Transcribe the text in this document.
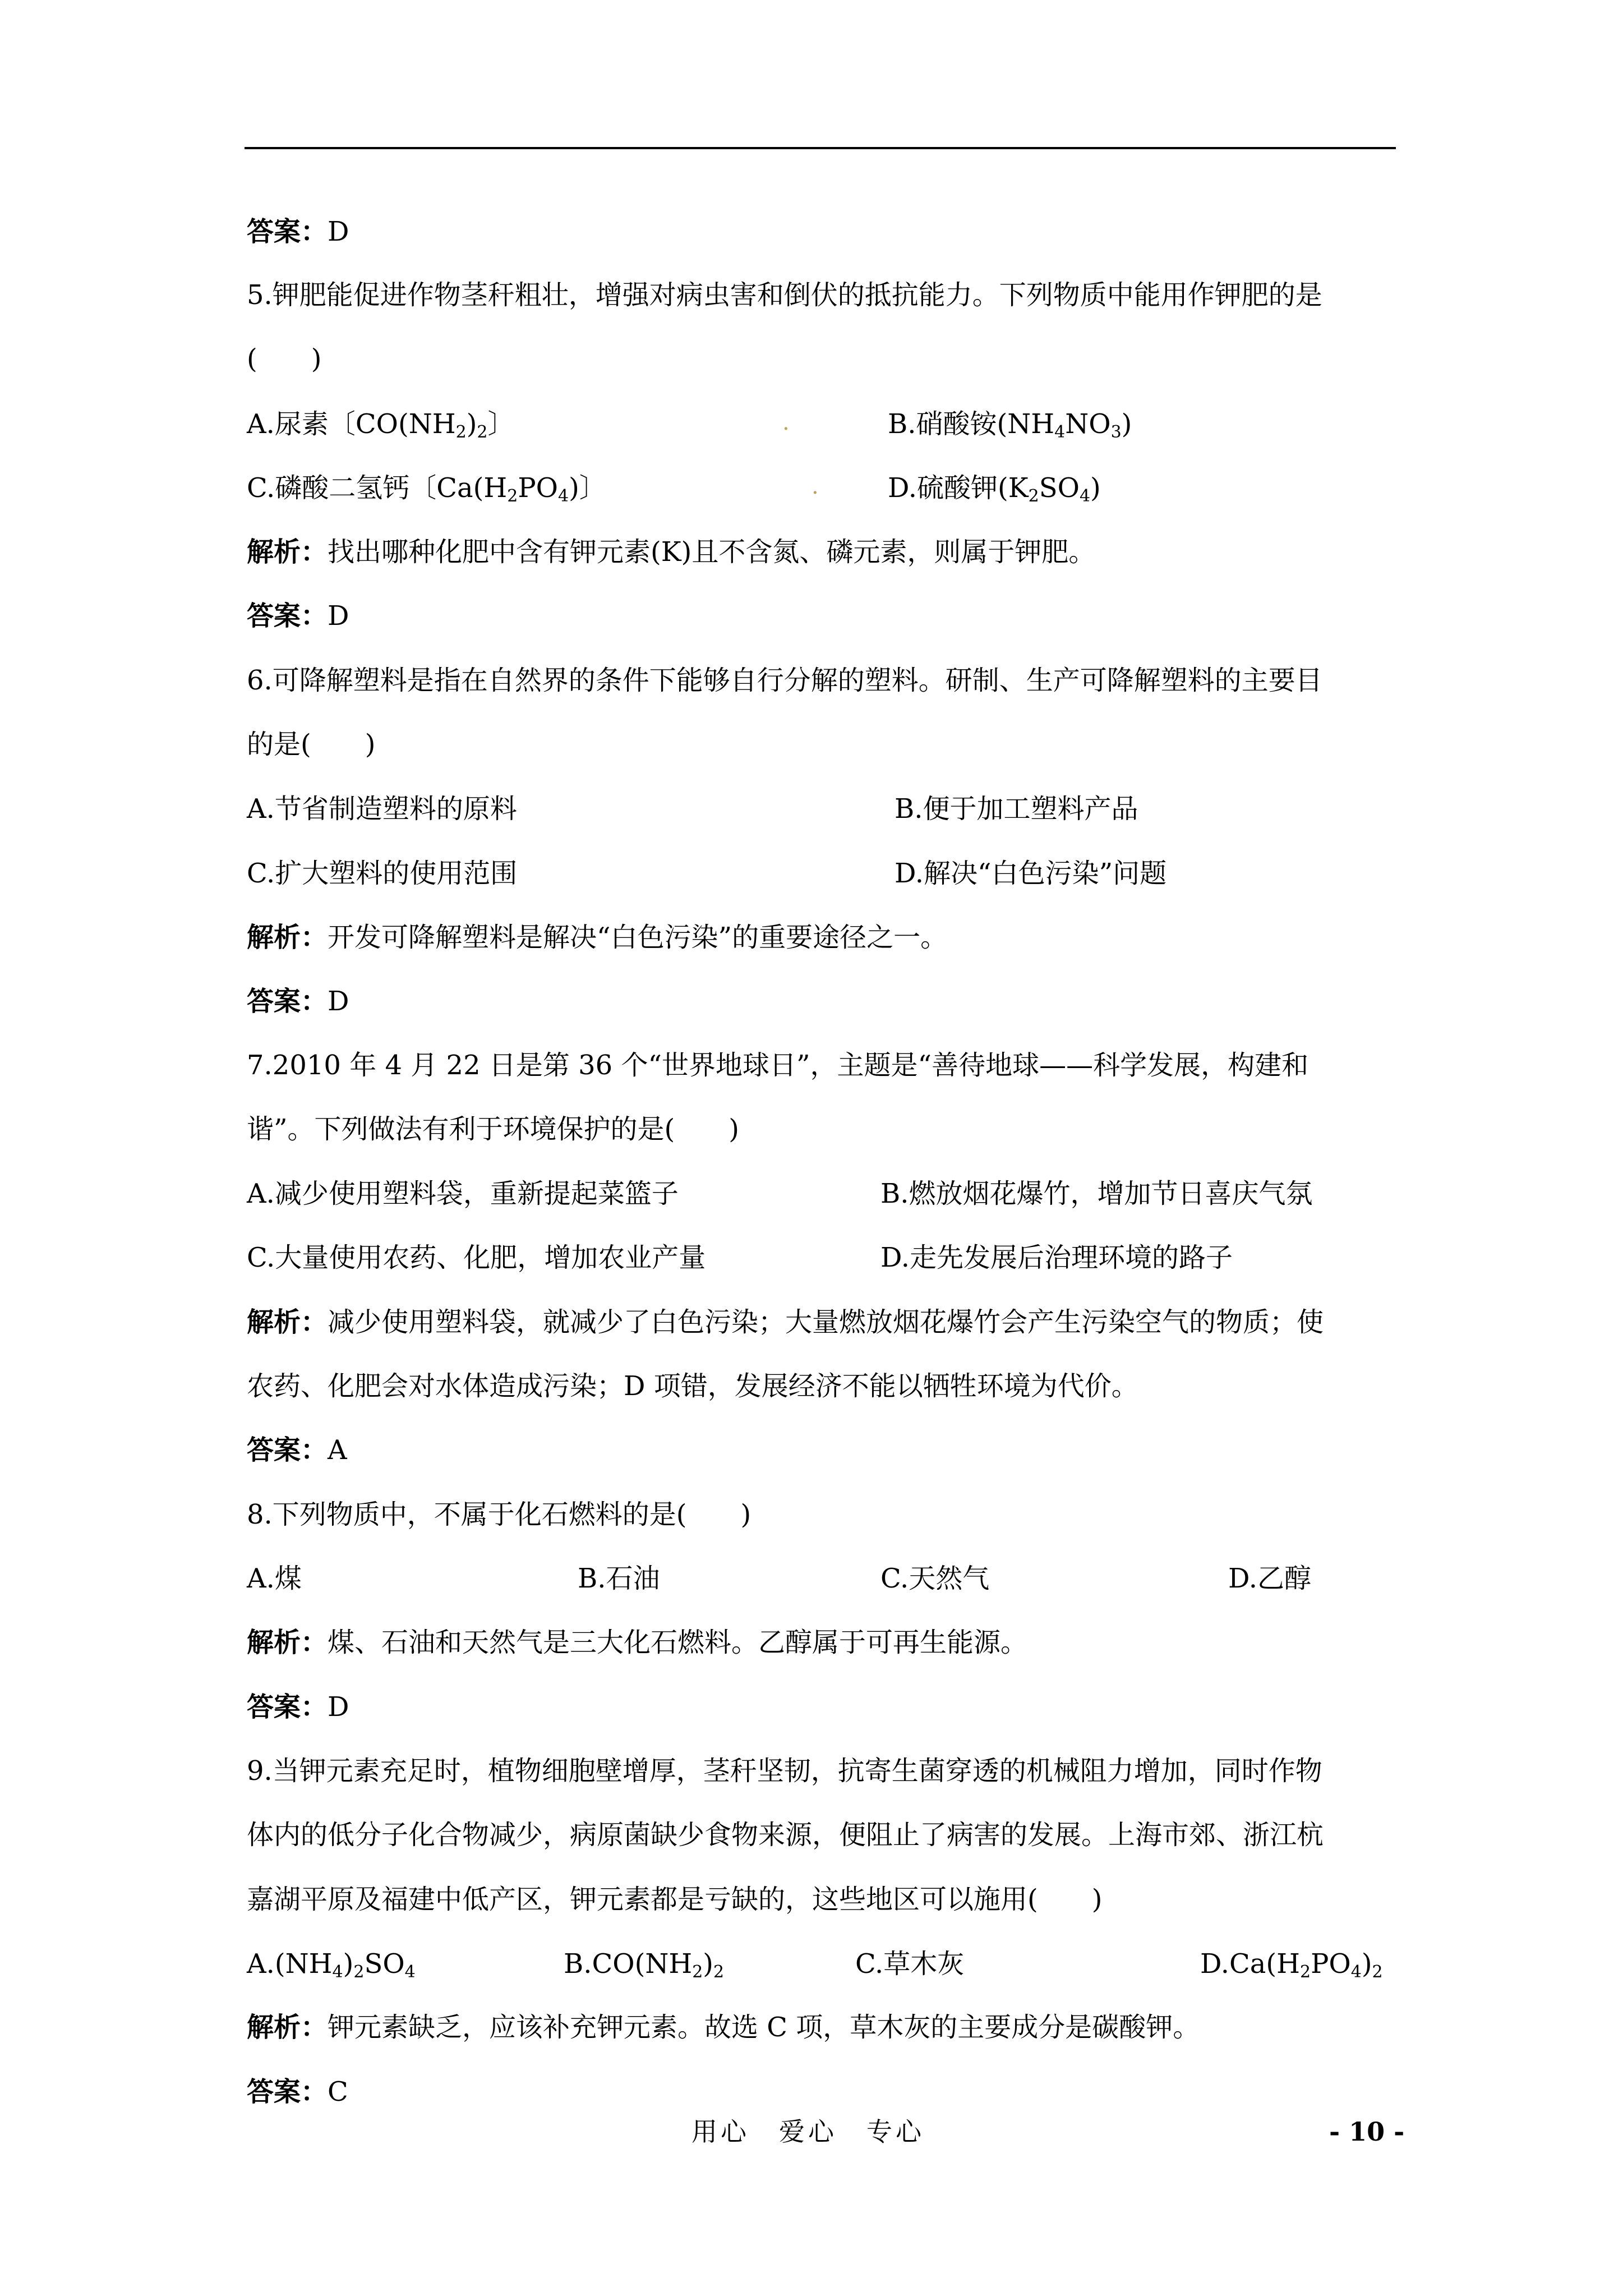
答案：D
5.钾肥能促进作物茎秆粗壮，增强对病虫害和倒伏的抵抗能力。下列物质中能用作钾肥的是
(　　)
A.尿素〔$CO(NH_2)_2$〕	.	B.硝酸铵$(NH_4NO_3)$
C.磷酸二氢钙〔$Ca(H_2PO_4)$〕	.	D.硫酸钾$(K_2SO_4)$
解析：找出哪种化肥中含有钾元素(K)且不含氮、磷元素，则属于钾肥。
答案：D
6.可降解塑料是指在自然界的条件下能够自行分解的塑料。研制、生产可降解塑料的主要目
的是(　　)
A.节省制造塑料的原料	B.便于加工塑料产品
C.扩大塑料的使用范围	D.解决“白色污染”问题
解析：开发可降解塑料是解决“白色污染”的重要途径之一。
答案：D
7.2010 年 4 月 22 日是第 36 个“世界地球日”，主题是“善待地球——科学发展，构建和
谐”。下列做法有利于环境保护的是(　　)
A.减少使用塑料袋，重新提起菜篮子	B.燃放烟花爆竹，增加节日喜庆气氛
C.大量使用农药、化肥，增加农业产量	D.走先发展后治理环境的路子
解析：减少使用塑料袋，就减少了白色污染；大量燃放烟花爆竹会产生污染空气的物质；使
农药、化肥会对水体造成污染；D 项错，发展经济不能以牺牲环境为代价。
答案：A
8.下列物质中，不属于化石燃料的是(　　)
A.煤	B.石油	C.天然气	D.乙醇
解析：煤、石油和天然气是三大化石燃料。乙醇属于可再生能源。
答案：D
9.当钾元素充足时，植物细胞壁增厚，茎秆坚韧，抗寄生菌穿透的机械阻力增加，同时作物
体内的低分子化合物减少，病原菌缺少食物来源，便阻止了病害的发展。上海市郊、浙江杭
嘉湖平原及福建中低产区，钾元素都是亏缺的，这些地区可以施用(　　)
$A.(NH_4)_2SO_4$	$B.CO(NH_2)_2$	C.草木灰	$D.Ca(H_2PO_4)_2$
解析：钾元素缺乏，应该补充钾元素。故选 C 项，草木灰的主要成分是碳酸钾。
答案：C
用心　爱心　专心	- 10 -
